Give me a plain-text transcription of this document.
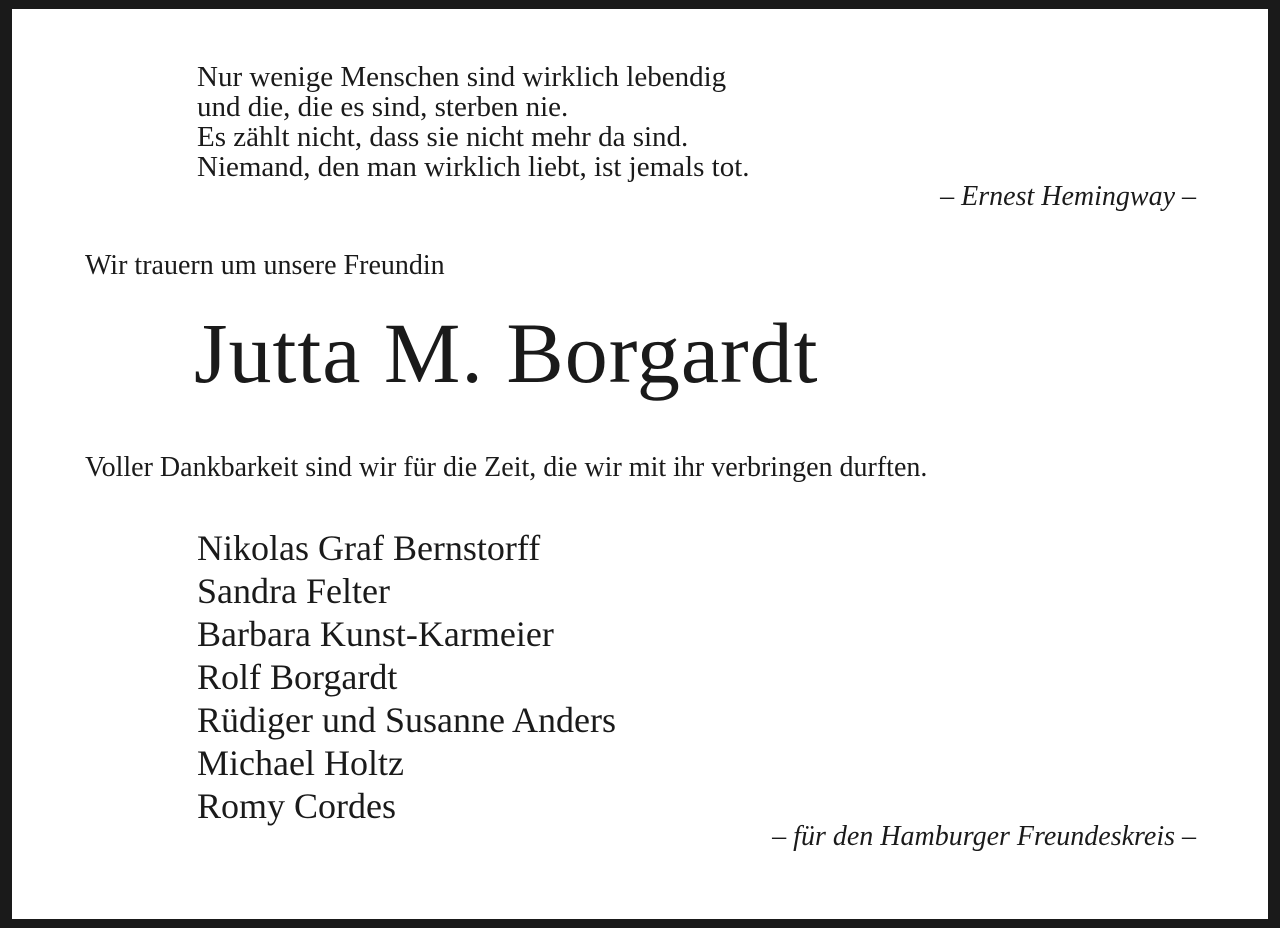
Nur wenige Menschen sind wirklich lebendig
und die, die es sind, sterben nie.
Es zählt nicht, dass sie nicht mehr da sind.
Niemand, den man wirklich liebt, ist jemals tot.
– Ernest Hemingway –
Wir trauern um unsere Freundin
Jutta M. Borgardt
Voller Dankbarkeit sind wir für die Zeit, die wir mit ihr verbringen durften.
Nikolas Graf Bernstorff
Sandra Felter
Barbara Kunst-Karmeier
Rolf Borgardt
Rüdiger und Susanne Anders
Michael Holtz
Romy Cordes
– für den Hamburger Freundeskreis –
